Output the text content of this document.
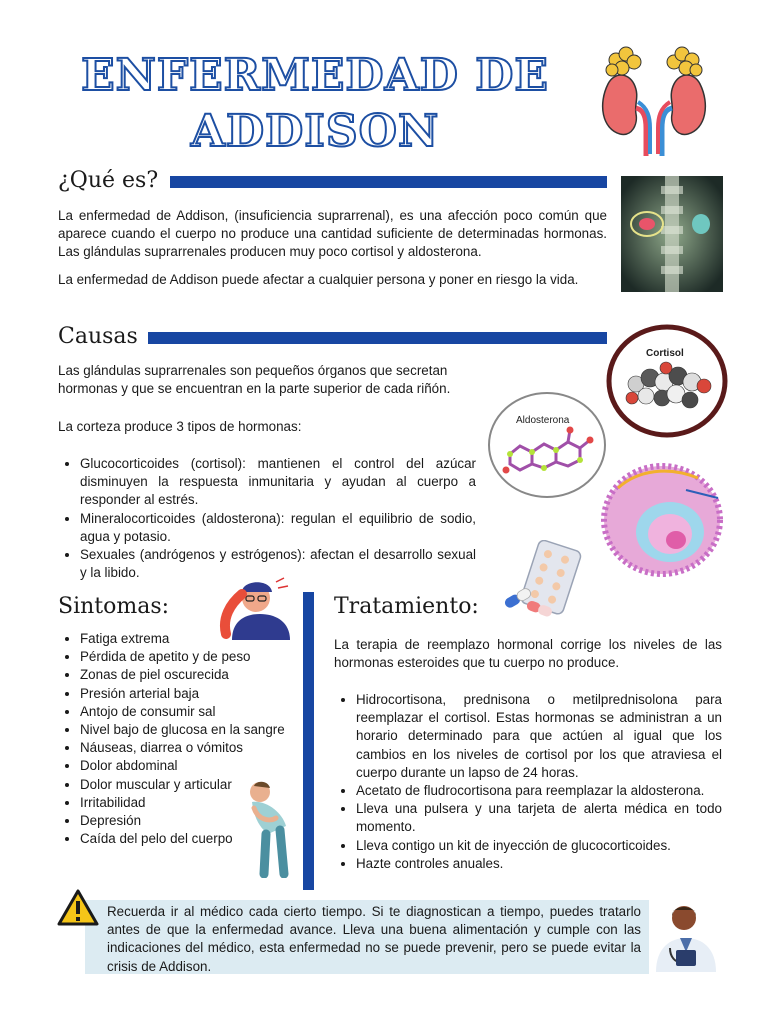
ENFERMEDAD DE
ADDISON
¿Qué es?
La enfermedad de Addison, (insuficiencia suprarrenal), es una afección poco común que aparece cuando el cuerpo no produce una cantidad suficiente de determinadas hormonas. Las glándulas suprarrenales producen muy poco cortisol y aldosterona.
La enfermedad de Addison puede afectar a cualquier persona y poner en riesgo la vida.
Causas
Las glándulas suprarrenales son pequeños órganos que secretan hormonas y que se encuentran en la parte superior de cada riñón.
La corteza produce 3 tipos de hormonas:
• Glucocorticoides (cortisol): mantienen el control del azúcar disminuyen la respuesta inmunitaria y ayudan al cuerpo a responder al estrés.
• Mineralocorticoides (aldosterona): regulan el equilibrio de sodio, agua y potasio.
• Sexuales (andrógenos y estrógenos): afectan el desarrollo sexual y la libido.
Cortisol
Aldosterona
Sintomas:
• Fatiga extrema
• Pérdida de apetito y de peso
• Zonas de piel oscurecida
• Presión arterial baja
• Antojo de consumir sal
• Nivel bajo de glucosa en la sangre
• Náuseas, diarrea o vómitos
• Dolor abdominal
• Dolor muscular y articular
• Irritabilidad
• Depresión
• Caída del pelo del cuerpo
Tratamiento:
La terapia de reemplazo hormonal corrige los niveles de las hormonas esteroides que tu cuerpo no produce.
• Hidrocortisona, prednisona o metilprednisolona para reemplazar el cortisol. Estas hormonas se administran a un horario determinado para que actúen al igual que los cambios en los niveles de cortisol por los que atraviesa el cuerpo durante un lapso de 24 horas.
• Acetato de fludrocortisona para reemplazar la aldosterona.
• Lleva una pulsera y una tarjeta de alerta médica en todo momento.
• Lleva contigo un kit de inyección de glucocorticoides.
• Hazte controles anuales.
Recuerda ir al médico cada cierto tiempo. Si te diagnostican a tiempo, puedes tratarlo antes de que la enfermedad avance. Lleva una buena alimentación y cumple con las indicaciones del médico, esta enfermedad no se puede prevenir, pero se puede evitar la crisis de Addison.
